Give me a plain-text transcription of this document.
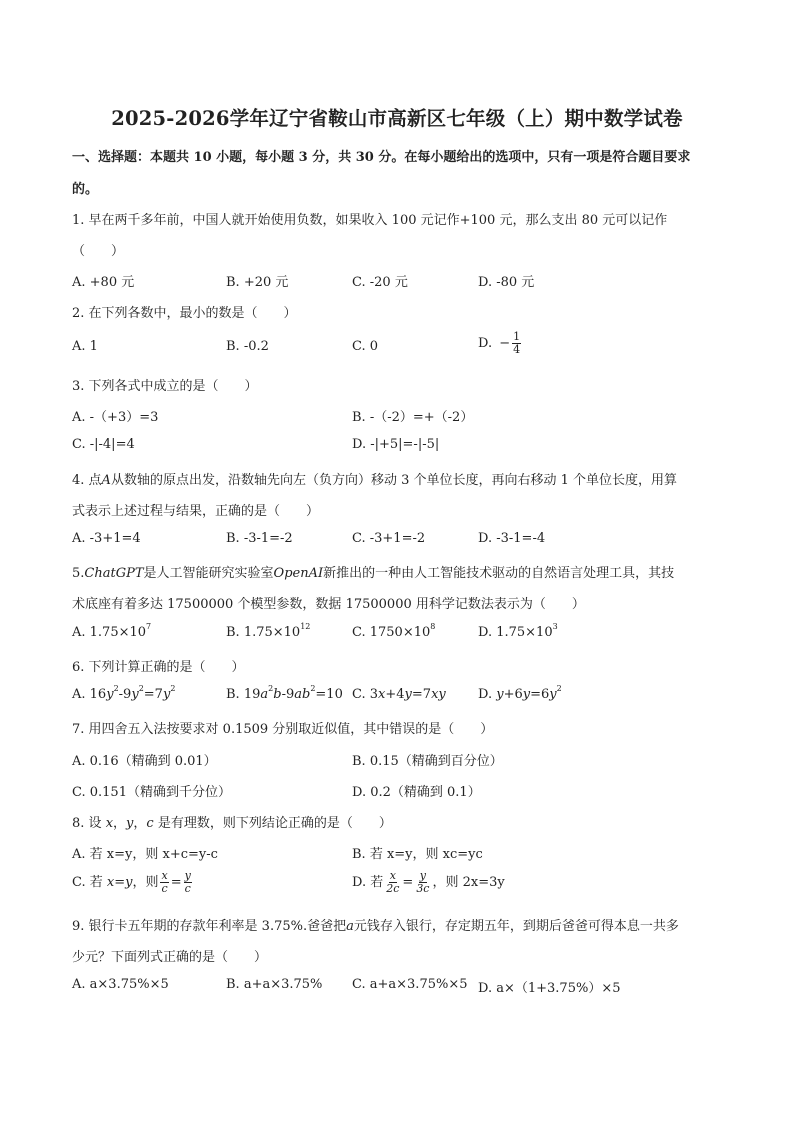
2025-2026学年辽宁省鞍山市高新区七年级（上）期中数学试卷
一、选择题：本题共 10 小题，每小题 3 分，共 30 分。在每小题给出的选项中，只有一项是符合题目要求
的。
1. 早在两千多年前，中国人就开始使用负数，如果收入 100 元记作+100 元，那么支出 80 元可以记作
（　　）
A. +80 元	B. +20 元	C. -20 元	D. -80 元
2. 在下列各数中，最小的数是（　　）
A. 1	B. -0.2	C. 0	D. − $\frac{1}{4}$
3. 下列各式中成立的是（　　）
A. -（+3）=3	B. -（-2）=+（-2）
C. -|-4|=4	D. -|+5|=-|-5|
4. 点A从数轴的原点出发，沿数轴先向左（负方向）移动 3 个单位长度，再向右移动 1 个单位长度，用算
式表示上述过程与结果，正确的是（　　）
A. -3+1=4	B. -3-1=-2	C. -3+1=-2	D. -3-1=-4
5.ChatGPT是人工智能研究实验室OpenAI新推出的一种由人工智能技术驱动的自然语言处理工具，其技
术底座有着多达 17500000 个模型参数，数据 17500000 用科学记数法表示为（　　）
A. $1.75\times 10^7$	B. $1.75\times 10^{12}$	C. $1750\times 10^8$	D. $1.75\times 10^3$
6. 下列计算正确的是（　　）
A. $16y^2-9y^2=7y^2$	B. $19a^2b-9ab^2=10$ C. 3x+4y=7xy D. $y+6y=6y^2$
7. 用四舍五入法按要求对 0.1509 分别取近似值，其中错误的是（　　）
A. 0.16（精确到 0.01）	B. 0.15（精确到百分位）
C. 0.151（精确到千分位）	D. 0.2（精确到 0.1）
8. 设 x，y，c 是有理数，则下列结论正确的是（　　）
A. 若 x=y，则 x+c=y-c	B. 若 x=y，则 xc=yc
C. 若 x=y，则 $\frac{x}{c} = \frac{y}{c}$	D. 若 $\frac{x}{2c} = \frac{y}{3c}$ ，则 2x=3y
9. 银行卡五年期的存款年利率是 3.75%.爸爸把a元钱存入银行，存定期五年，到期后爸爸可得本息一共多
少元？下面列式正确的是（　　）
A. a×3.75%×5	B. a+a×3.75% C. a+a×3.75%×5 D. a×（1+3.75%）×5
